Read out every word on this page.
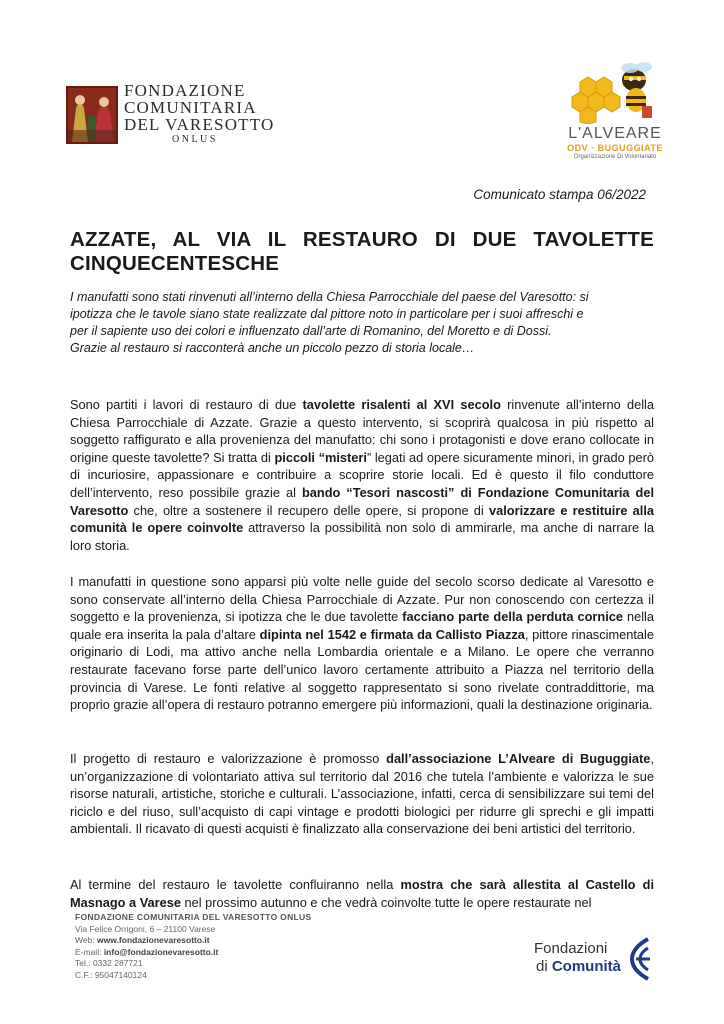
FONDAZIONE
COMUNITARIA
DEL VARESOTTO
ONLUS	L'ALVEARE
ODV · BUGUGGIATE
Organizzazione Di Volontariato
Comunicato stampa 06/2022
AZZATE, AL VIA IL RESTAURO DI DUE TAVOLETTE
CINQUECENTESCHE
I manufatti sono stati rinvenuti all’interno della Chiesa Parrocchiale del paese del Varesotto: si
ipotizza che le tavole siano state realizzate dal pittore noto in particolare per i suoi affreschi e
per il sapiente uso dei colori e influenzato dall’arte di Romanino, del Moretto e di Dossi.
Grazie al restauro si racconterà anche un piccolo pezzo di storia locale…
Sono partiti i lavori di restauro di due tavolette risalenti al XVI secolo rinvenute all’interno della Chiesa Parrocchiale di Azzate. Grazie a questo intervento, si scoprirà qualcosa in più rispetto al soggetto raffigurato e alla provenienza del manufatto: chi sono i protagonisti e dove erano collocate in origine queste tavolette? Si tratta di piccoli “misteri” legati ad opere sicuramente minori, in grado però di incuriosire, appassionare e contribuire a scoprire storie locali. Ed è questo il filo conduttore dell’intervento, reso possibile grazie al bando “Tesori nascosti” di Fondazione Comunitaria del Varesotto che, oltre a sostenere il recupero delle opere, si propone di valorizzare e restituire alla comunità le opere coinvolte attraverso la possibilità non solo di ammirarle, ma anche di narrare la loro storia.
I manufatti in questione sono apparsi più volte nelle guide del secolo scorso dedicate al Varesotto e sono conservate all’interno della Chiesa Parrocchiale di Azzate. Pur non conoscendo con certezza il soggetto e la provenienza, si ipotizza che le due tavolette facciano parte della perduta cornice nella quale era inserita la pala d’altare dipinta nel 1542 e firmata da Callisto Piazza, pittore rinascimentale originario di Lodi, ma attivo anche nella Lombardia orientale e a Milano. Le opere che verranno restaurate facevano forse parte dell’unico lavoro certamente attribuito a Piazza nel territorio della provincia di Varese. Le fonti relative al soggetto rappresentato si sono rivelate contraddittorie, ma proprio grazie all’opera di restauro potranno emergere più informazioni, quali la destinazione originaria.
Il progetto di restauro e valorizzazione è promosso dall’associazione L’Alveare di Buguggiate, un’organizzazione di volontariato attiva sul territorio dal 2016 che tutela l’ambiente e valorizza le sue risorse naturali, artistiche, storiche e culturali. L’associazione, infatti, cerca di sensibilizzare sui temi del riciclo e del riuso, sull’acquisto di capi vintage e prodotti biologici per ridurre gli sprechi e gli impatti ambientali. Il ricavato di questi acquisti è finalizzato alla conservazione dei beni artistici del territorio.
Al termine del restauro le tavolette confluiranno nella mostra che sarà allestita al Castello di Masnago a Varese nel prossimo autunno e che vedrà coinvolte tutte le opere restaurate nel
FONDAZIONE COMUNITARIA DEL VARESOTTO ONLUS
Via Felice Orrigoni, 6 – 21100 Varese
Web: www.fondazionevaresotto.it
E-mail: info@fondazionevaresotto.it
Tel.: 0332 287721
C.F.: 95047140124
Fondazioni
di Comunità
